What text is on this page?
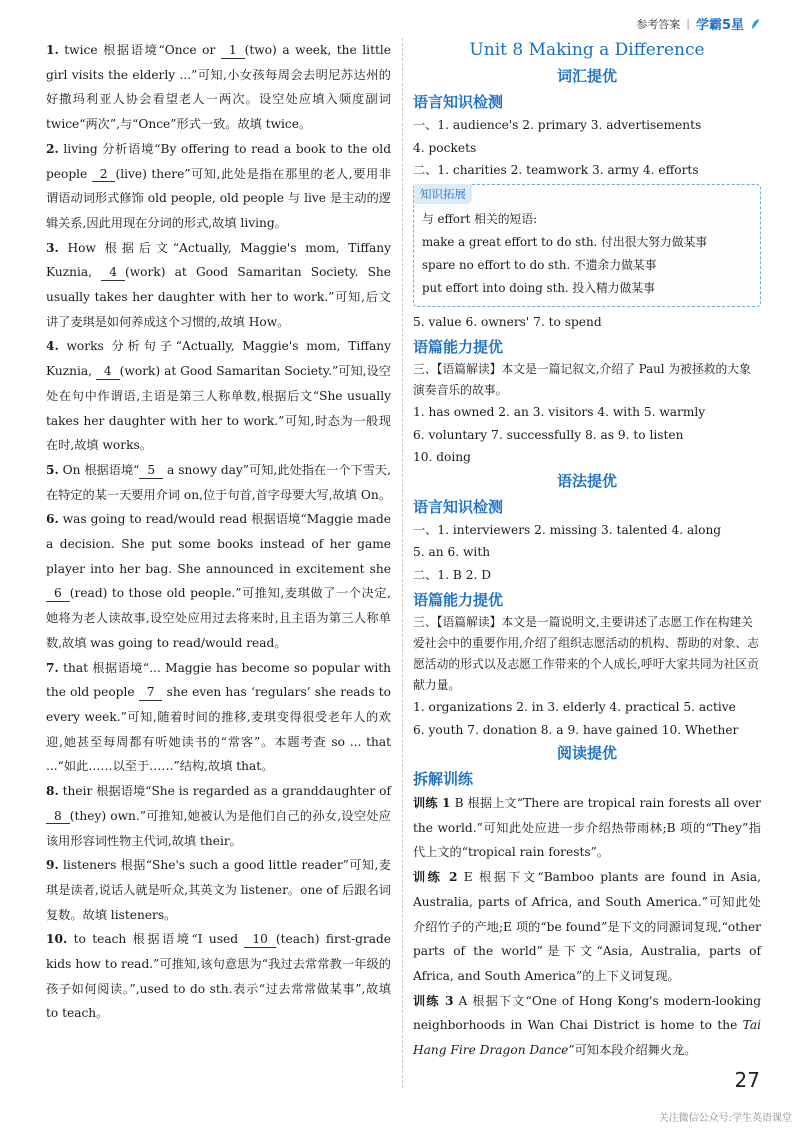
参考答案 | 学霸5星
1. twice 根据语境“Once or 1 (two) a week, the little girl visits the elderly ...”可知,小女孩每周会去明尼苏达州的好撒玛利亚人协会看望老人一两次。设空处应填入频度副词twice“两次”,与“Once”形式一致。故填 twice。
2. living 分析语境“By offering to read a book to the old people 2 (live) there”可知,此处是指在那里的老人,要用非谓语动词形式修饰 old people, old people 与 live 是主动的逻辑关系,因此用现在分词的形式,故填 living。
3. How 根据后文“Actually, Maggie's mom, Tiffany Kuznia, 4 (work) at Good Samaritan Society. She usually takes her daughter with her to work.”可知,后文讲了麦琪是如何养成这个习惯的,故填 How。
4. works 分析句子“Actually, Maggie's mom, Tiffany Kuznia, 4 (work) at Good Samaritan Society.”可知,设空处在句中作谓语,主语是第三人称单数,根据后文“She usually takes her daughter with her to work.”可知,时态为一般现在时,故填 works。
5. On 根据语境“ 5 a snowy day”可知,此处指在一个下雪天,在特定的某一天要用介词 on,位于句首,首字母要大写,故填 On。
6. was going to read/would read 根据语境“Maggie made a decision. She put some books instead of her game player into her bag. She announced in excitement she 6 (read) to those old people.”可推知,麦琪做了一个决定,她将为老人读故事,设空处应用过去将来时,且主语为第三人称单数,故填 was going to read/would read。
7. that 根据语境“... Maggie has become so popular with the old people 7 she even has ‘regulars’ she reads to every week.”可知,随着时间的推移,麦琪变得很受老年人的欢迎,她甚至每周都有听她读书的“常客”。本题考查 so ... that ...“如此……以至于……”结构,故填 that。
8. their 根据语境“She is regarded as a granddaughter of 8 (they) own.”可推知,她被认为是他们自己的孙女,设空处应该用形容词性物主代词,故填 their。
9. listeners 根据“She's such a good little reader”可知,麦琪是读者,说话人就是听众,其英文为 listener。one of 后跟名词复数。故填 listeners。
10. to teach 根据语境“I used 10 (teach) first-grade kids how to read.”可推知,该句意思为“我过去常常教一年级的孩子如何阅读。”,used to do sth.表示“过去常常做某事”,故填 to teach。
Unit 8 Making a Difference
词汇提优
语言知识检测
一、1. audience's 2. primary 3. advertisements
4. pockets
二、1. charities 2. teamwork 3. army 4. efforts
知识拓展
与 effort 相关的短语:
make a great effort to do sth. 付出很大努力做某事
spare no effort to do sth. 不遗余力做某事
put effort into doing sth. 投入精力做某事
5. value 6. owners' 7. to spend
语篇能力提优
三、【语篇解读】本文是一篇记叙文,介绍了 Paul 为被拯救的大象演奏音乐的故事。
1. has owned 2. an 3. visitors 4. with 5. warmly
6. voluntary 7. successfully 8. as 9. to listen
10. doing
语法提优
语言知识检测
一、1. interviewers 2. missing 3. talented 4. along
5. an 6. with
二、1. B 2. D
语篇能力提优
三、【语篇解读】本文是一篇说明文,主要讲述了志愿工作在构建关爱社会中的重要作用,介绍了组织志愿活动的机构、帮助的对象、志愿活动的形式以及志愿工作带来的个人成长,呼吁大家共同为社区贡献力量。
1. organizations 2. in 3. elderly 4. practical 5. active
6. youth 7. donation 8. a 9. have gained 10. Whether
阅读提优
拆解训练
训练 1 B 根据上文“There are tropical rain forests all over the world.”可知此处应进一步介绍热带雨林;B 项的“They”指代上文的“tropical rain forests”。
训练 2 E 根据下文“Bamboo plants are found in Asia, Australia, parts of Africa, and South America.”可知此处介绍竹子的产地;E 项的“be found”是下文的同源词复现,“other parts of the world”是下文“Asia, Australia, parts of Africa, and South America”的上下义词复现。
训练 3 A 根据下文“One of Hong Kong's modern-looking neighborhoods in Wan Chai District is home to the Tai Hang Fire Dragon Dance”可知本段介绍舞火龙。
27
关注微信公众号:学生英语课堂
